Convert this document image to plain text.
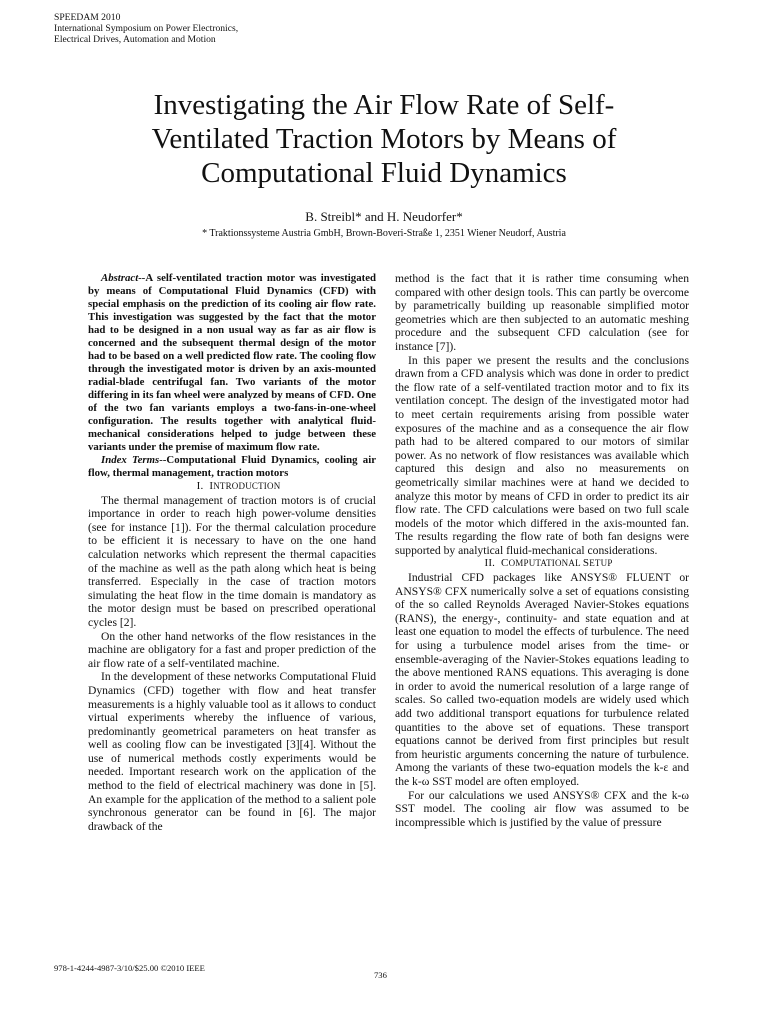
SPEEDAM 2010
International Symposium on Power Electronics,
Electrical Drives, Automation and Motion
Investigating the Air Flow Rate of Self-
Ventilated Traction Motors by Means of
Computational Fluid Dynamics
B. Streibl* and H. Neudorfer*
* Traktionssysteme Austria GmbH, Brown-Boveri-Straße 1, 2351 Wiener Neudorf, Austria

Abstract--A self-ventilated traction motor was investigated by means of Computational Fluid Dynamics (CFD) with special emphasis on the prediction of its cooling air flow rate. This investigation was suggested by the fact that the motor had to be designed in a non usual way as far as air flow is concerned and the subsequent thermal design of the motor had to be based on a well predicted flow rate. The cooling flow through the investigated motor is driven by an axis-mounted radial-blade centrifugal fan. Two variants of the motor differing in its fan wheel were analyzed by means of CFD. One of the two fan variants employs a two-fans-in-one-wheel configuration. The results together with analytical fluid-mechanical considerations helped to judge between these variants under the premise of maximum flow rate.

Index Terms--Computational Fluid Dynamics, cooling air flow, thermal management, traction motors

I. INTRODUCTION

The thermal management of traction motors is of crucial importance in order to reach high power-volume densities (see for instance [1]). For the thermal calculation procedure to be efficient it is necessary to have on the one hand calculation networks which represent the thermal capacities of the machine as well as the path along which heat is being transferred. Especially in the case of traction motors simulating the heat flow in the time domain is mandatory as the motor design must be based on prescribed operational cycles [2].

On the other hand networks of the flow resistances in the machine are obligatory for a fast and proper prediction of the air flow rate of a self-ventilated machine.

In the development of these networks Computational Fluid Dynamics (CFD) together with flow and heat transfer measurements is a highly valuable tool as it allows to conduct virtual experiments whereby the influence of various, predominantly geometrical parameters on heat transfer as well as cooling flow can be investigated [3][4]. Without the use of numerical methods costly experiments would be needed. Important research work on the application of the method to the field of electrical machinery was done in [5]. An example for the application of the method to a salient pole synchronous generator can be found in [6]. The major drawback of the

method is the fact that it is rather time consuming when compared with other design tools. This can partly be overcome by parametrically building up reasonable simplified motor geometries which are then subjected to an automatic meshing procedure and the subsequent CFD calculation (see for instance [7]).

In this paper we present the results and the conclusions drawn from a CFD analysis which was done in order to predict the flow rate of a self-ventilated traction motor and to fix its ventilation concept. The design of the investigated motor had to meet certain requirements arising from possible water exposures of the machine and as a consequence the air flow path had to be altered compared to our motors of similar power. As no network of flow resistances was available which captured this design and also no measurements on geometrically similar machines were at hand we decided to analyze this motor by means of CFD in order to predict its air flow rate. The CFD calculations were based on two full scale models of the motor which differed in the axis-mounted fan. The results regarding the flow rate of both fan designs were supported by analytical fluid-mechanical considerations.

II. COMPUTATIONAL SETUP

Industrial CFD packages like ANSYS® FLUENT or ANSYS® CFX numerically solve a set of equations consisting of the so called Reynolds Averaged Navier-Stokes equations (RANS), the energy-, continuity- and state equation and at least one equation to model the effects of turbulence. The need for using a turbulence model arises from the time- or ensemble-averaging of the Navier-Stokes equations leading to the above mentioned RANS equations. This averaging is done in order to avoid the numerical resolution of a large range of scales. So called two-equation models are widely used which add two additional transport equations for turbulence related quantities to the above set of equations. These transport equations cannot be derived from first principles but result from heuristic arguments concerning the nature of turbulence. Among the variants of these two-equation models the k-ε and the k-ω SST model are often employed.

For our calculations we used ANSYS® CFX and the k-ω SST model. The cooling air flow was assumed to be incompressible which is justified by the value of pressure

978-1-4244-4987-3/10/$25.00 ©2010 IEEE
736
